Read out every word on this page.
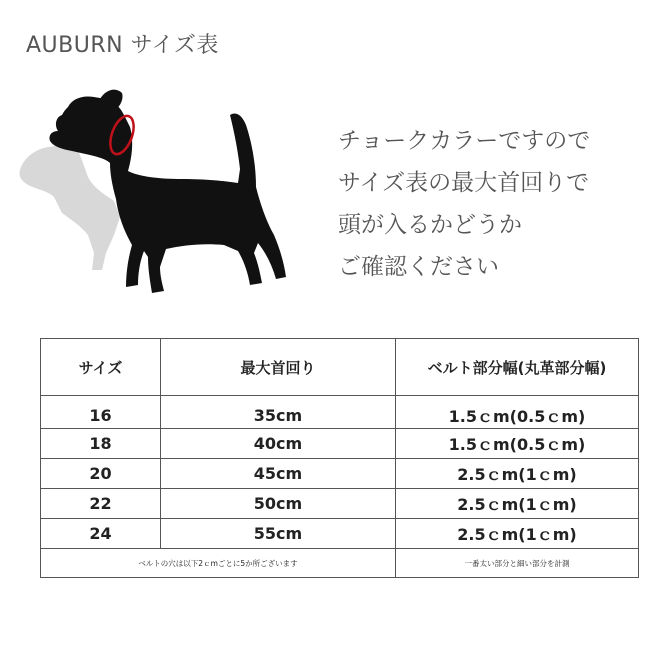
AUBURN サイズ表
チョークカラーですので
サイズ表の最大首回りで
頭が入るかどうか
ご確認ください
サイズ	最大首回り	ベルト部分幅(丸革部分幅)
16	35cm	1.5ｃm(0.5ｃm)
18	40cm	1.5ｃm(0.5ｃm)
20	45cm	2.5ｃm(1ｃm)
22	50cm	2.5ｃm(1ｃm)
24	55cm	2.5ｃm(1ｃm)
ベルトの穴は以下2ｃmごとに5か所ございます		一番太い部分と細い部分を計測
